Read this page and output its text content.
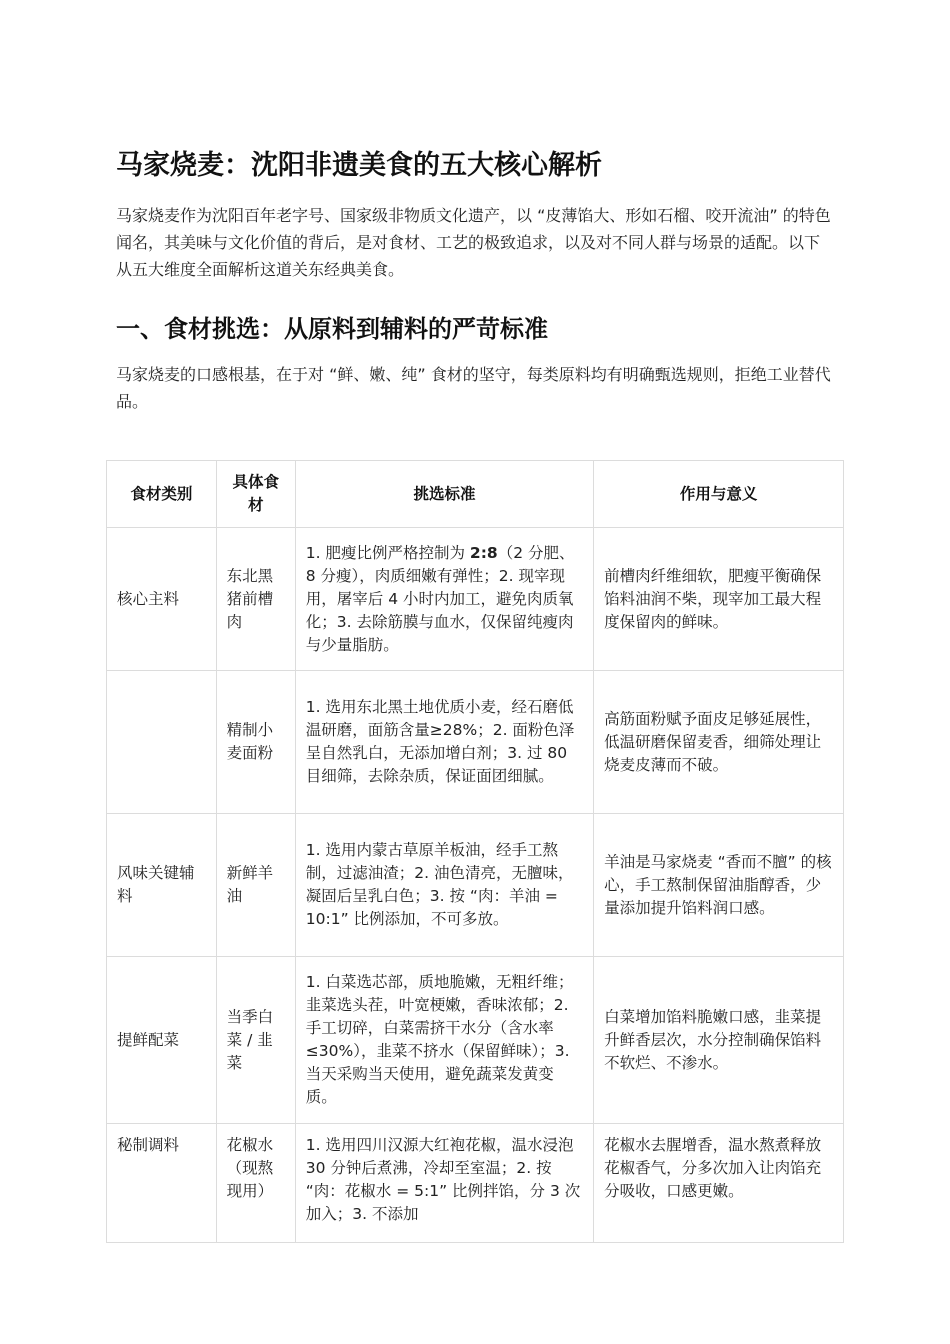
马家烧麦：沈阳非遗美食的五大核心解析

马家烧麦作为沈阳百年老字号、国家级非物质文化遗产，以 “皮薄馅大、形如石榴、咬开流油” 的特色闻名，其美味与文化价值的背后，是对食材、工艺的极致追求，以及对不同人群与场景的适配。以下从五大维度全面解析这道关东经典美食。

一、食材挑选：从原料到辅料的严苛标准

马家烧麦的口感根基，在于对 “鲜、嫩、纯” 食材的坚守，每类原料均有明确甄选规则，拒绝工业替代品。

食材类别	具体食材	挑选标准	作用与意义
核心主料	东北黑猪前槽肉	1. 肥瘦比例严格控制为 2:8（2 分肥、8 分瘦），肉质细嫩有弹性；2. 现宰现用，屠宰后 4 小时内加工，避免肉质氧化；3. 去除筋膜与血水，仅保留纯瘦肉与少量脂肪。	前槽肉纤维细软，肥瘦平衡确保馅料油润不柴，现宰加工最大程度保留肉的鲜味。
	精制小麦面粉	1. 选用东北黑土地优质小麦，经石磨低温研磨，面筋含量≥28%；2. 面粉色泽呈自然乳白，无添加增白剂；3. 过 80 目细筛，去除杂质，保证面团细腻。	高筋面粉赋予面皮足够延展性，低温研磨保留麦香，细筛处理让烧麦皮薄而不破。
风味关键辅料	新鲜羊油	1. 选用内蒙古草原羊板油，经手工熬制，过滤油渣；2. 油色清亮，无膻味，凝固后呈乳白色；3. 按 “肉：羊油 = 10:1” 比例添加，不可多放。	羊油是马家烧麦 “香而不膻” 的核心，手工熬制保留油脂醇香，少量添加提升馅料润口感。
提鲜配菜	当季白菜 / 韭菜	1. 白菜选芯部，质地脆嫩，无粗纤维；韭菜选头茬，叶宽梗嫩，香味浓郁；2. 手工切碎，白菜需挤干水分（含水率≤30%），韭菜不挤水（保留鲜味）；3. 当天采购当天使用，避免蔬菜发黄变质。	白菜增加馅料脆嫩口感，韭菜提升鲜香层次，水分控制确保馅料不软烂、不渗水。
秘制调料	花椒水（现熬现用）	1. 选用四川汉源大红袍花椒，温水浸泡 30 分钟后煮沸，冷却至室温；2. 按 “肉：花椒水 = 5:1” 比例拌馅，分 3 次加入；3. 不添加	花椒水去腥增香，温水熬煮释放花椒香气，分多次加入让肉馅充分吸收，口感更嫩。
